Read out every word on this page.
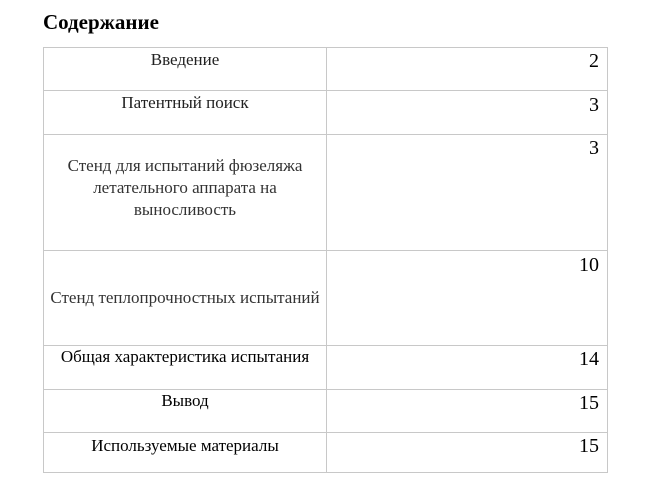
Содержание
Введение	2

Патентный поиск	3

Стенд для испытаний фюзеляжа летательного аппарата на выносливость	3

Стенд теплопрочностных испытаний	10

Общая характеристика испытания	14

Вывод	15

Используемые материалы	15
